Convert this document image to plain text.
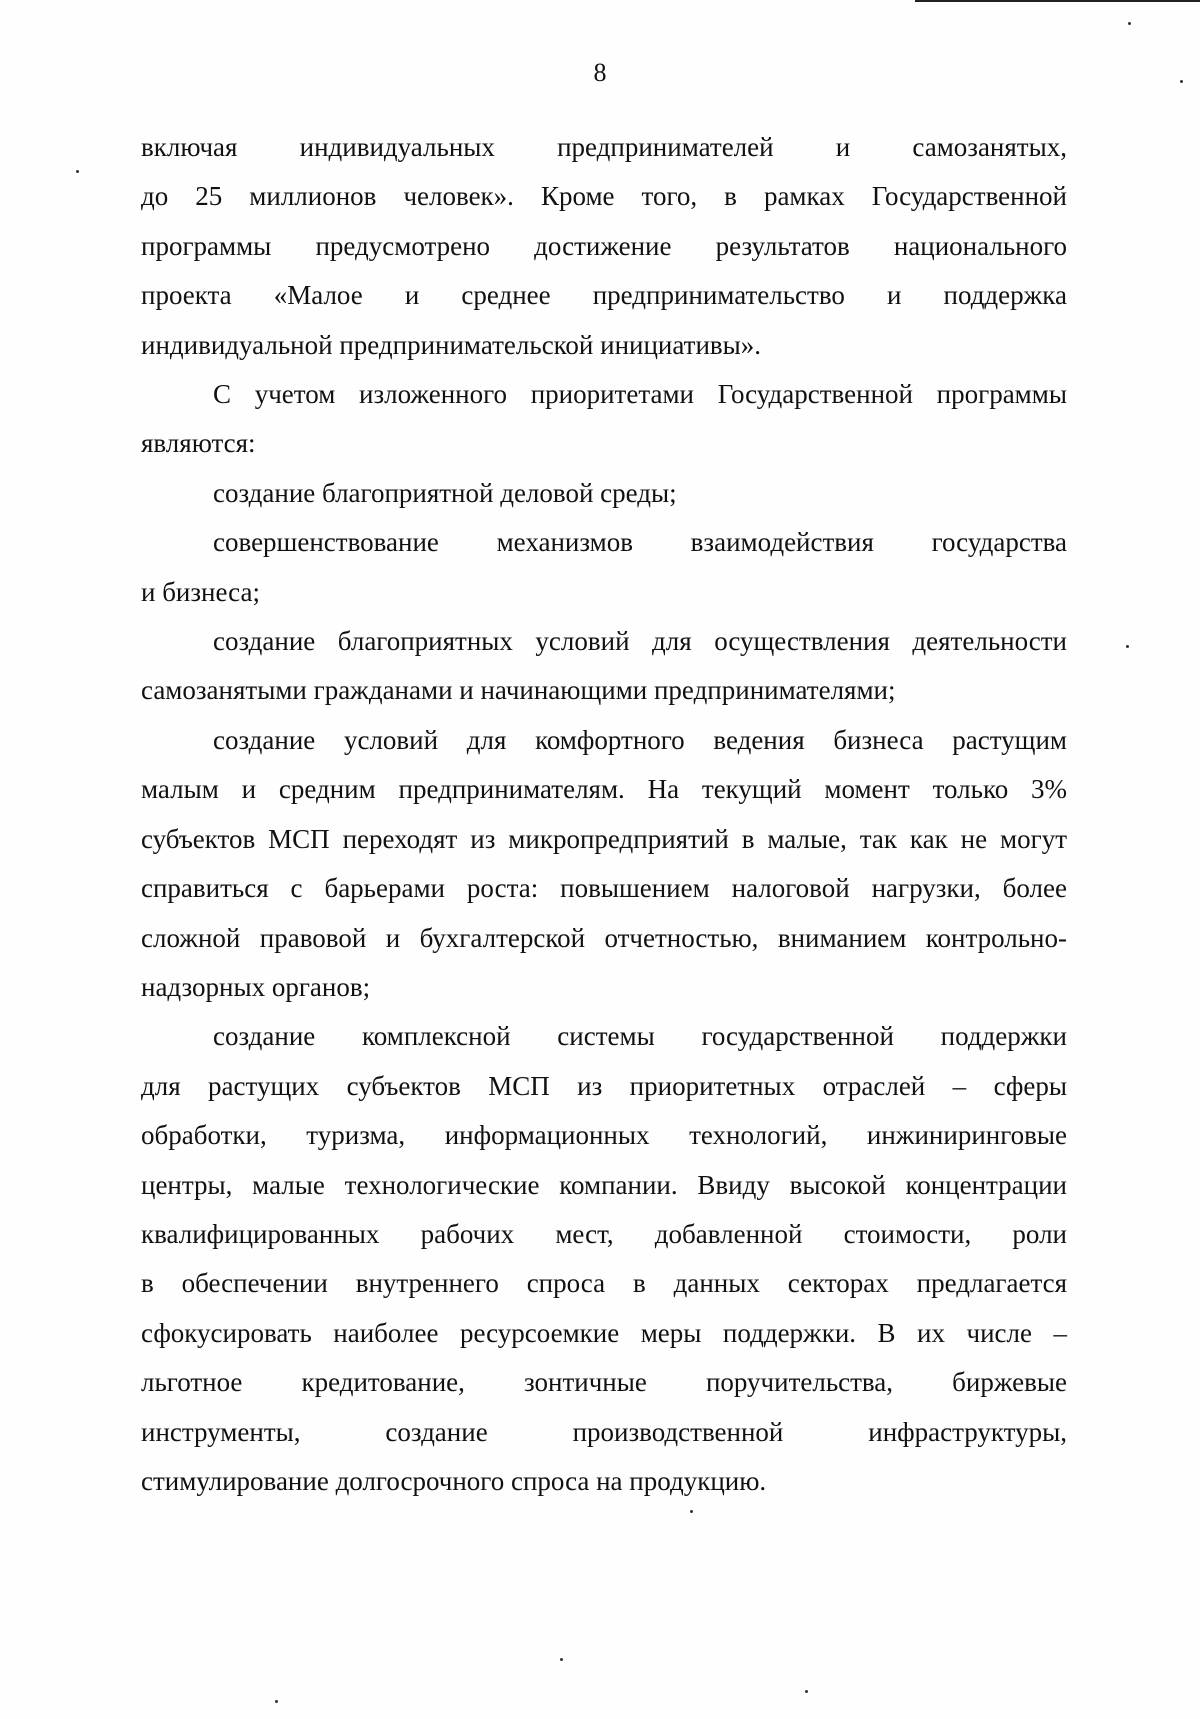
8

включая индивидуальных предпринимателей и самозанятых,

до 25 миллионов человек». Кроме того, в рамках Государственной

программы предусмотрено достижение результатов национального

проекта «Малое и среднее предпринимательство и поддержка

индивидуальной предпринимательской инициативы».

С учетом изложенного приоритетами Государственной программы

являются:

создание благоприятной деловой среды;

совершенствование механизмов взаимодействия государства

и бизнеса;

создание благоприятных условий для осуществления деятельности

самозанятыми гражданами и начинающими предпринимателями;

создание условий для комфортного ведения бизнеса растущим

малым и средним предпринимателям. На текущий момент только 3%

субъектов МСП переходят из микропредприятий в малые, так как не могут

справиться с барьерами роста: повышением налоговой нагрузки, более

сложной правовой и бухгалтерской отчетностью, вниманием контрольно-

надзорных органов;

создание комплексной системы государственной поддержки

для растущих субъектов МСП из приоритетных отраслей – сферы

обработки, туризма, информационных технологий, инжиниринговые

центры, малые технологические компании. Ввиду высокой концентрации

квалифицированных рабочих мест, добавленной стоимости, роли

в обеспечении внутреннего спроса в данных секторах предлагается

сфокусировать наиболее ресурсоемкие меры поддержки. В их числе –

льготное кредитование, зонтичные поручительства, биржевые

инструменты, создание производственной инфраструктуры,

стимулирование долгосрочного спроса на продукцию.
